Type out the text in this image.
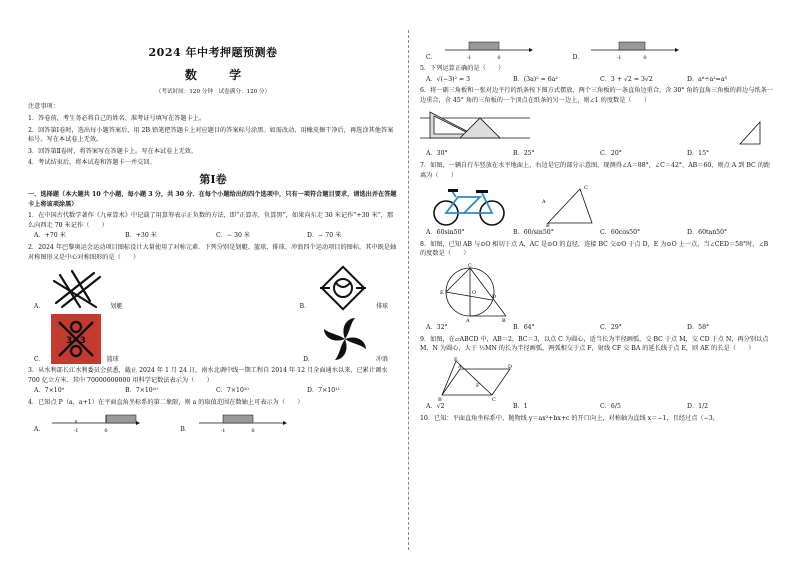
2024 年中考押题预测卷
数 学
（考试时间：120 分钟　试卷满分：120 分）
注意事项：
1．答卷前，考生务必将自己的姓名、准考证号填写在答题卡上。
2．回答第Ⅰ卷时，选出每小题答案后，用 2B 铅笔把答题卡上对应题目的答案标号涂黑。如需改动，用橡皮擦干净后，再选涂其他答案标号。写在本试卷上无效。
3．回答第Ⅱ卷时，将答案写在答题卡上。写在本试卷上无效。
4．考试结束后，将本试卷和答题卡一并交回。
第Ⅰ卷
一、选择题（本大题共 10 个小题，每小题 3 分，共 30 分．在每个小题给出的四个选项中，只有一项符合题目要求，请选出并在答题卡上将该项涂黑）
1．在中国古代数学著作《九章算术》中记载了用算筹表示正负数的方法，即“正算赤，负算黑”，如果向东走 30 米记作“+30 米”，那么向西走 70 米记作（　　）
A．+70 米	B．+30 米	C．− 30 米	D．− 70 米
2．2024 年巴黎奥运会运动项目图标设计大量使用了对称元素．下列分别是划艇、篮球、排球、冲浪四个运动项目的图标，其中既是轴对称图形又是中心对称图形的是（　　）
A．	划艇	B．	排球
C．
3×3
篮球	D．	冲浪
3．从水利部长江水利委员会获悉，截止 2024 年 1 月 24 日，南水北调中线一期工程自 2014 年 12 月全面通水以来，已累计调水 700 亿立方米．其中 70000000000 用科学记数法表示为（　　）
A．7×10⁹	B．7×10¹⁰	C．7×10¹⁰	D．7×10¹¹
4．已知点 P（a，a+1）在平面直角坐标系的第二象限，则 a 的取值范围在数轴上可表示为（　　）
A．	-1	0	B．	-1	0
C．	-1	0	D．	-1	0
5．下列运算正确的是（　　）
A．√(−3)² = 3	B．(3a)² = 6a²	C．3 + √2 = 3√2	D．a⁶÷a²=a³
6．将一副三角板和一张对边平行的纸条按下图方式摆放，两个三角板的一条直角边重合，含 30° 角的直角三角板的斜边与纸条一边重合，含 45° 角的三角板的一个顶点在纸条的另一边上，则∠1 的度数是（　　）
A．30°	B．25°	C．20°	D．15°
7．如图，一辆自行车竖放在水平地面上，右边是它的部分示意图，现测得∠A＝88°，∠C＝42°，AB＝60，则点 A 到 BC 的距离为（　　）
A
B
C
A．60sin50°	B．60/sin50°	C．60cos50°	D．60tan50°
8．如图，已知 AB 与⊙O 相切于点 A，AC 是⊙O 的直径，连接 BC 交⊙O 于点 D，E 为⊙O 上一点，当∠CED＝58°时，∠B 的度数是（　　）
C
E	O
D
A	B
A．32°	B．64°	C．29°	D．58°
9．如图，在▱ABCD 中，AB＝2，BC＝3，以点 C 为圆心，适当长为半径画弧，交 BC 于点 M，交 CD 于点 N，再分别以点 M，N 为圆心，大于 ½MN 的长为半径画弧，两弧相交于点 F，射线 CF 交 BA 的延长线于点 E，则 AE 的长是（　　）
E
A	D
B	C
F
A．√2	B．1	C．6/5	D．1/2
10．已知：平面直角坐标系中，抛物线 y＝ax²+bx+c 的开口向上，对称轴为直线 x＝−1，且经过点（−3，
